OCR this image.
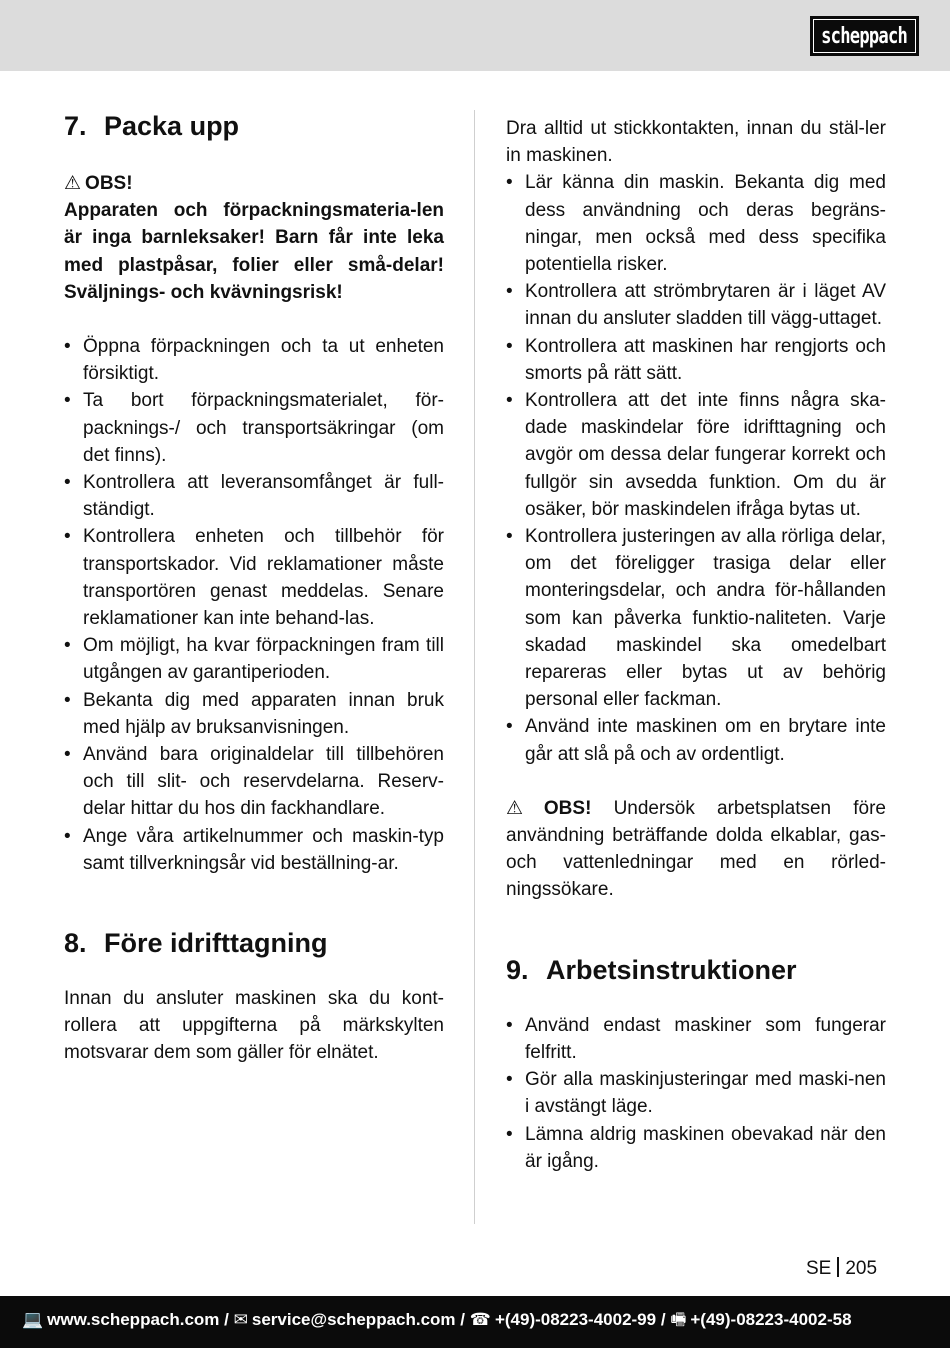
scheppach
7. Packa upp
⚠ OBS!
Apparaten och förpackningsmateria-len är inga barnleksaker! Barn får inte leka med plastpåsar, folier eller små-delar! Sväljnings- och kvävningsrisk!
• Öppna förpackningen och ta ut enheten försiktigt.
• Ta bort förpackningsmaterialet, för-packnings-/ och transportsäkringar (om det finns).
• Kontrollera att leveransomfånget är full-ständigt.
• Kontrollera enheten och tillbehör för transportskador. Vid reklamationer måste transportören genast meddelas. Senare reklamationer kan inte behand-las.
• Om möjligt, ha kvar förpackningen fram till utgången av garantiperioden.
• Bekanta dig med apparaten innan bruk med hjälp av bruksanvisningen.
• Använd bara originaldelar till tillbehören och till slit- och reservdelarna. Reserv-delar hittar du hos din fackhandlare.
• Ange våra artikelnummer och maskin-typ samt tillverkningsår vid beställning-ar.
8. Före idrifttagning

Innan du ansluter maskinen ska du kont-rollera att uppgifterna på märkskylten motsvarar dem som gäller för elnätet.

Dra alltid ut stickkontakten, innan du stäl-ler in maskinen.

• Lär känna din maskin. Bekanta dig med dess användning och deras begräns-ningar, men också med dess specifika potentiella risker.
• Kontrollera att strömbrytaren är i läget AV innan du ansluter sladden till vägg-uttaget.
• Kontrollera att maskinen har rengjorts och smorts på rätt sätt.
• Kontrollera att det inte finns några ska-dade maskindelar före idrifttagning och avgör om dessa delar fungerar korrekt och fullgör sin avsedda funktion. Om du är osäker, bör maskindelen ifråga bytas ut.
• Kontrollera justeringen av alla rörliga delar, om det föreligger trasiga delar eller monteringsdelar, och andra för-hållanden som kan påverka funktio-naliteten. Varje skadad maskindel ska omedelbart repareras eller bytas ut av behörig personal eller fackman.
• Använd inte maskinen om en brytare inte går att slå på och av ordentligt.

⚠ OBS! Undersök arbetsplatsen före användning beträffande dolda elkablar, gas- och vattenledningar med en rörled-ningssökare.

9. Arbetsinstruktioner
• Använd endast maskiner som fungerar felfritt.
• Gör alla maskinjusteringar med maski-nen i avstängt läge.
• Lämna aldrig maskinen obevakad när den är igång.
SE 205
💻 www.scheppach.com / ✉ service@scheppach.com / ☎ +(49)-08223-4002-99 / 🖷 +(49)-08223-4002-58
